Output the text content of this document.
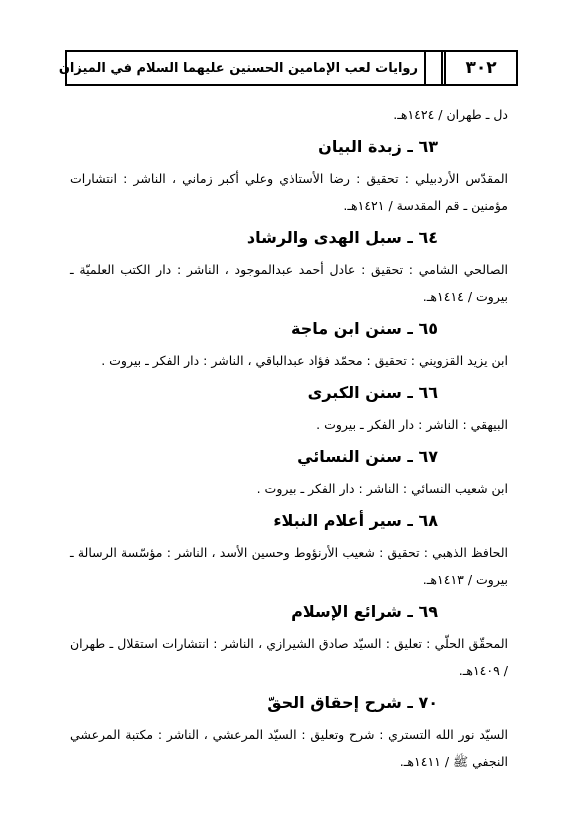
٣٠٢
روايات لعب الإمامين الحسنين عليهما السلام في الميزان
دل ـ طهران / ١٤٢٤هـ.
٦٣ ـ زبدة البيان
المقدّس الأردبيلي : تحقيق : رضا الأستاذي وعلي أكبر زماني ، الناشر : انتشارات
مؤمنين ـ قم المقدسة / ١٤٢١هـ.
٦٤ ـ سبل الهدى والرشاد
الصالحي الشامي : تحقيق : عادل أحمد عبدالموجود ، الناشر : دار الكتب العلميّة ـ
بيروت / ١٤١٤هـ.
٦٥ ـ سنن ابن ماجة
ابن يزيد القزويني : تحقيق : محمّد فؤاد عبدالباقي ، الناشر : دار الفكر ـ بيروت .
٦٦ ـ سنن الكبرى
البيهقي : الناشر : دار الفكر ـ بيروت .
٦٧ ـ سنن النسائي
ابن شعيب النسائي : الناشر : دار الفكر ـ بيروت .
٦٨ ـ سير أعلام النبلاء
الحافظ الذهبي : تحقيق : شعيب الأرنؤوط وحسين الأسد ، الناشر : مؤسّسة الرسالة ـ
بيروت / ١٤١٣هـ.
٦٩ ـ شرائع الإسلام
المحقّق الحلّي : تعليق : السيّد صادق الشيرازي ، الناشر : انتشارات استقلال ـ طهران
/ ١٤٠٩هـ.
٧٠ ـ شرح إحقاق الحقّ
السيّد نور الله التستري : شرح وتعليق : السيّد المرعشي ، الناشر : مكتبة المرعشي
النجفي ﷺ / ١٤١١هـ.
